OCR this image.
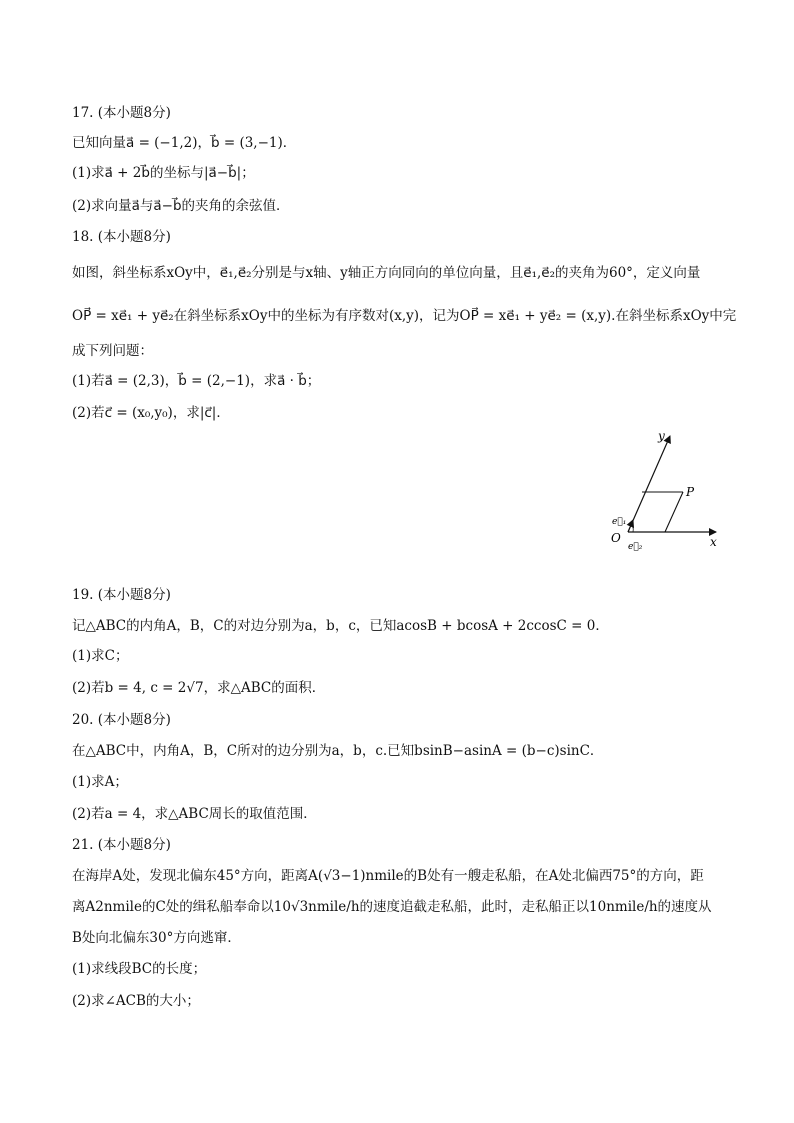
17. (本小题8分)
已知向量a⃗ = (−1,2)，b⃗ = (3,−1)．
(1)求a⃗ + 2b⃗的坐标与|a⃗−b⃗|；
(2)求向量a⃗与a⃗−b⃗的夹角的余弦值．
18. (本小题8分)
如图，斜坐标系xOy中，e⃗₁,e⃗₂分别是与x轴、y轴正方向同向的单位向量，且e⃗₁,e⃗₂的夹角为60°，定义向量
OP⃗ = xe⃗₁ + ye⃗₂在斜坐标系xOy中的坐标为有序数对(x,y)，记为OP⃗ = xe⃗₁ + ye⃗₂ = (x,y).在斜坐标系xOy中完
成下列问题：
(1)若a⃗ = (2,3)，b⃗ = (2,−1)，求a⃗ · b⃗；
(2)若c⃗ = (x₀,y₀)，求|c⃗|．
y
P
e⃗₁
O
e⃗₂	x
19. (本小题8分)
记△ABC的内角A，B，C的对边分别为a，b，c，已知acosB + bcosA + 2ccosC = 0．
(1)求C；
(2)若b = 4, c = 2√7，求△ABC的面积．
20. (本小题8分)
在△ABC中，内角A，B，C所对的边分别为a，b，c.已知bsinB−asinA = (b−c)sinC．
(1)求A；
(2)若a = 4，求△ABC周长的取值范围．
21. (本小题8分)
在海岸A处，发现北偏东45°方向，距离A(√3−1)nmile的B处有一艘走私船，在A处北偏西75°的方向，距
离A2nmile的C处的缉私船奉命以10√3nmile/h的速度追截走私船，此时，走私船正以10nmile/h的速度从
B处向北偏东30°方向逃窜．
(1)求线段BC的长度；
(2)求∠ACB的大小；
